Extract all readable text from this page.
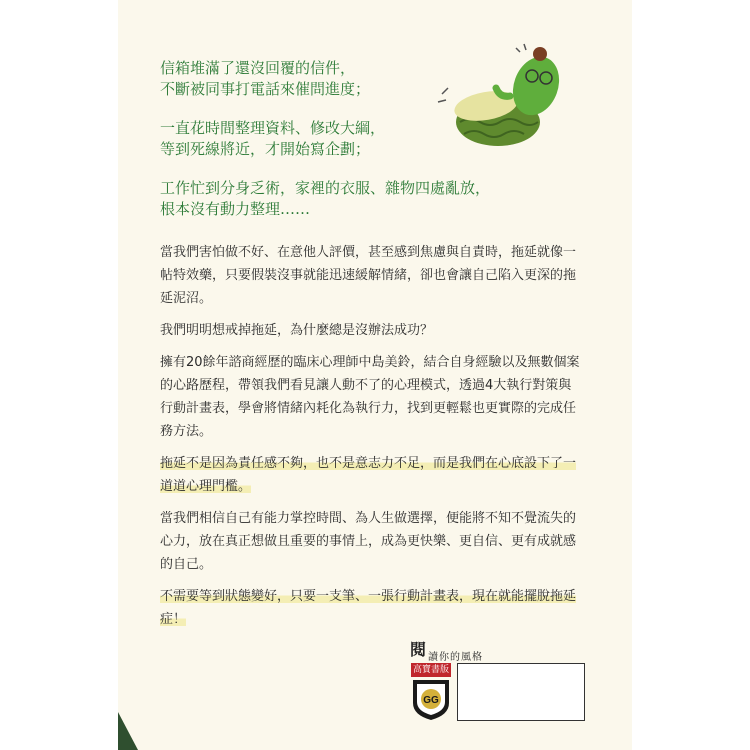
信箱堆滿了還沒回覆的信件，
不斷被同事打電話來催問進度；

一直花時間整理資料、修改大綱，
等到死線將近，才開始寫企劃；

工作忙到分身乏術，家裡的衣服、雜物四處亂放，
根本沒有動力整理……

當我們害怕做不好、在意他人評價，甚至感到焦慮與自責時，拖延就像一帖特效藥，只要假裝沒事就能迅速緩解情緒，卻也會讓自己陷入更深的拖延泥沼。

我們明明想戒掉拖延，為什麼總是沒辦法成功？

擁有20餘年諮商經歷的臨床心理師中島美鈴，結合自身經驗以及無數個案的心路歷程，帶領我們看見讓人動不了的心理模式，透過4大執行對策與行動計畫表，學會將情緒內耗化為執行力，找到更輕鬆也更實際的完成任務方法。

拖延不是因為責任感不夠，也不是意志力不足，而是我們在心底設下了一道道心理門檻。

當我們相信自己有能力掌控時間、為人生做選擇，便能將不知不覺流失的心力，放在真正想做且重要的事情上，成為更快樂、更自信、更有成就感的自己。

不需要等到狀態變好，只要一支筆、一張行動計畫表，現在就能擺脫拖延症！

閱 讀你的風格
高寶書版
GG
